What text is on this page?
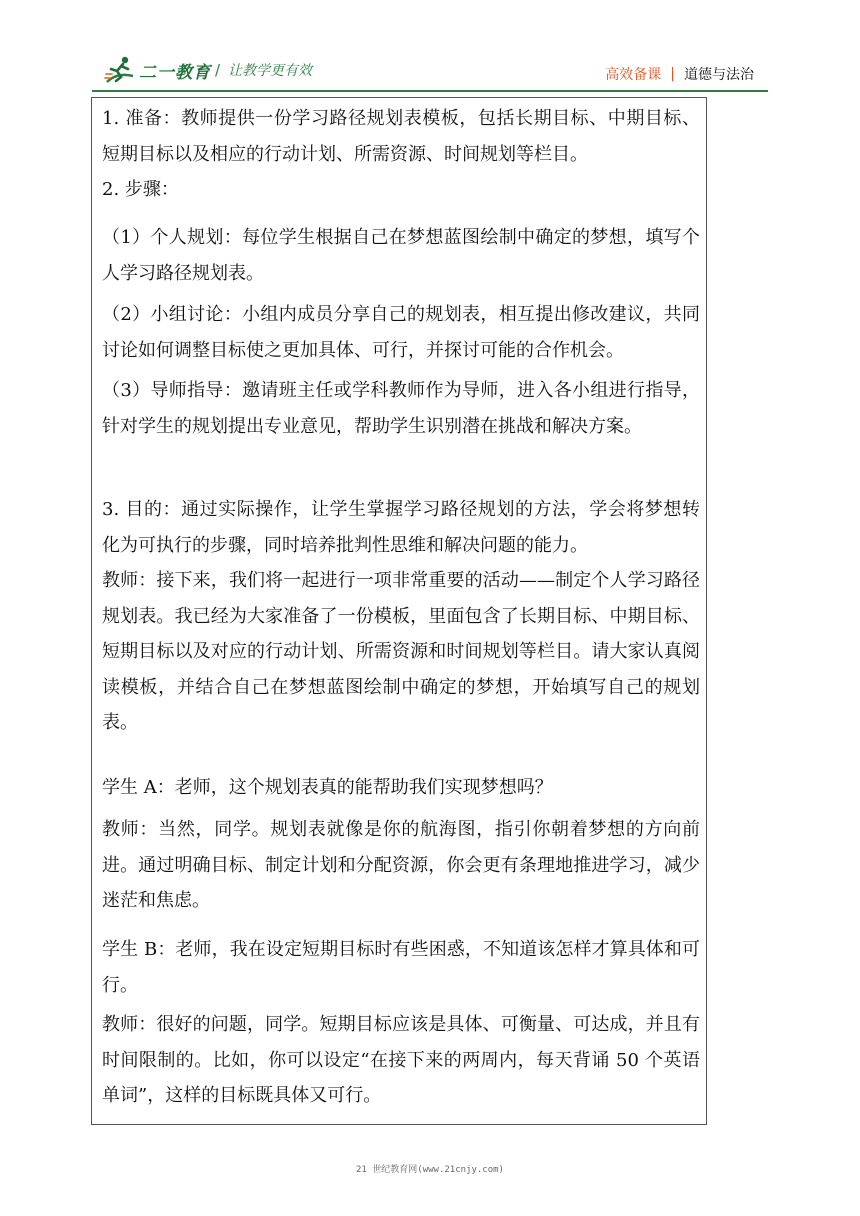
二一教育 / 让教学更有效	高效备课 | 道德与法治
1. 准备：教师提供一份学习路径规划表模板，包括长期目标、中期目标、短期目标以及相应的行动计划、所需资源、时间规划等栏目。
2. 步骤：
（1）个人规划：每位学生根据自己在梦想蓝图绘制中确定的梦想，填写个人学习路径规划表。
（2）小组讨论：小组内成员分享自己的规划表，相互提出修改建议，共同讨论如何调整目标使之更加具体、可行，并探讨可能的合作机会。
（3）导师指导：邀请班主任或学科教师作为导师，进入各小组进行指导，针对学生的规划提出专业意见，帮助学生识别潜在挑战和解决方案。
3. 目的：通过实际操作，让学生掌握学习路径规划的方法，学会将梦想转化为可执行的步骤，同时培养批判性思维和解决问题的能力。
教师：接下来，我们将一起进行一项非常重要的活动——制定个人学习路径规划表。我已经为大家准备了一份模板，里面包含了长期目标、中期目标、短期目标以及对应的行动计划、所需资源和时间规划等栏目。请大家认真阅读模板，并结合自己在梦想蓝图绘制中确定的梦想，开始填写自己的规划表。
学生 A：老师，这个规划表真的能帮助我们实现梦想吗？
教师：当然，同学。规划表就像是你的航海图，指引你朝着梦想的方向前进。通过明确目标、制定计划和分配资源，你会更有条理地推进学习，减少迷茫和焦虑。
学生 B：老师，我在设定短期目标时有些困惑，不知道该怎样才算具体和可行。
教师：很好的问题，同学。短期目标应该是具体、可衡量、可达成，并且有时间限制的。比如，你可以设定“在接下来的两周内，每天背诵 50 个英语单词”，这样的目标既具体又可行。
21 世纪教育网(www.21cnjy.com)
